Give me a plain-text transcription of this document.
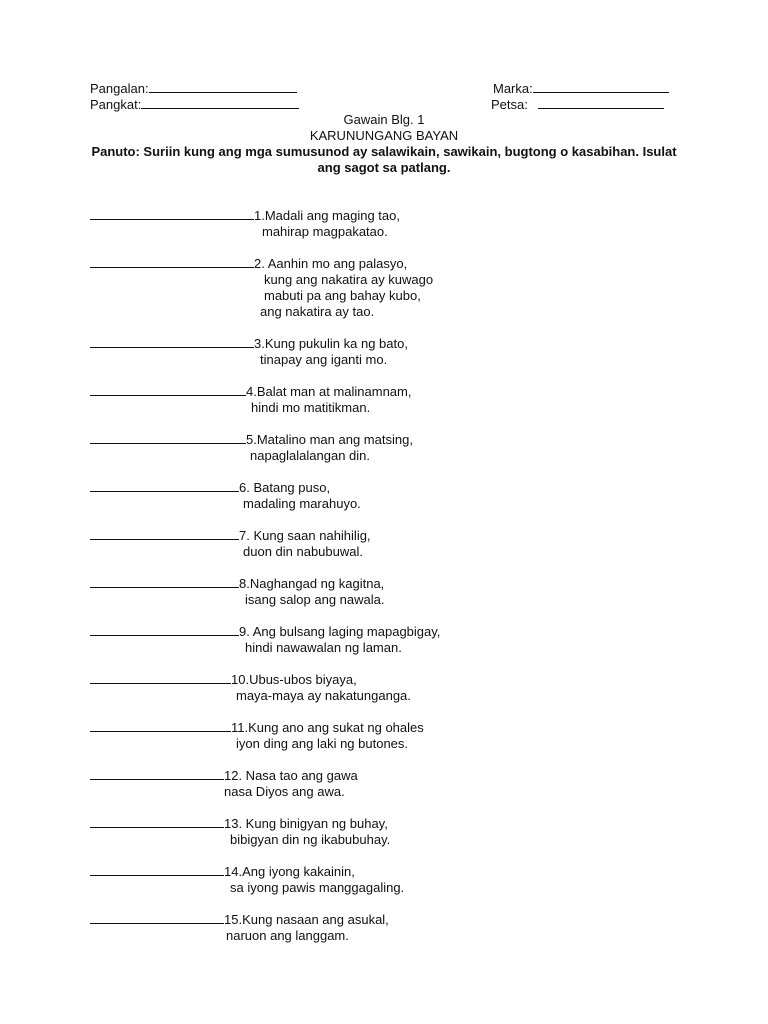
Pangalan:	Marka:
Pangkat:	Petsa:
Gawain Blg. 1
KARUNUNGANG BAYAN
Panuto: Suriin kung ang mga sumusunod ay salawikain, sawikain, bugtong o kasabihan. Isulat
ang sagot sa patlang.
1.Madali ang maging tao,
mahirap magpakatao.
2. Aanhin mo ang palasyo,
kung ang nakatira ay kuwago
mabuti pa ang bahay kubo,
ang nakatira ay tao.
3.Kung pukulin ka ng bato,
tinapay ang iganti mo.
4.Balat man at malinamnam,
hindi mo matitikman.
5.Matalino man ang matsing,
napaglalalangan din.
6. Batang puso,
madaling marahuyo.
7. Kung saan nahihilig,
duon din nabubuwal.
8.Naghangad ng kagitna,
isang salop ang nawala.
9. Ang bulsang laging mapagbigay,
hindi nawawalan ng laman.
10.Ubus-ubos biyaya,
maya-maya ay nakatunganga.
11.Kung ano ang sukat ng ohales
iyon ding ang laki ng butones.
12. Nasa tao ang gawa
nasa Diyos ang awa.
13. Kung binigyan ng buhay,
bibigyan din ng ikabubuhay.
14.Ang iyong kakainin,
sa iyong pawis manggagaling.
15.Kung nasaan ang asukal,
naruon ang langgam.
